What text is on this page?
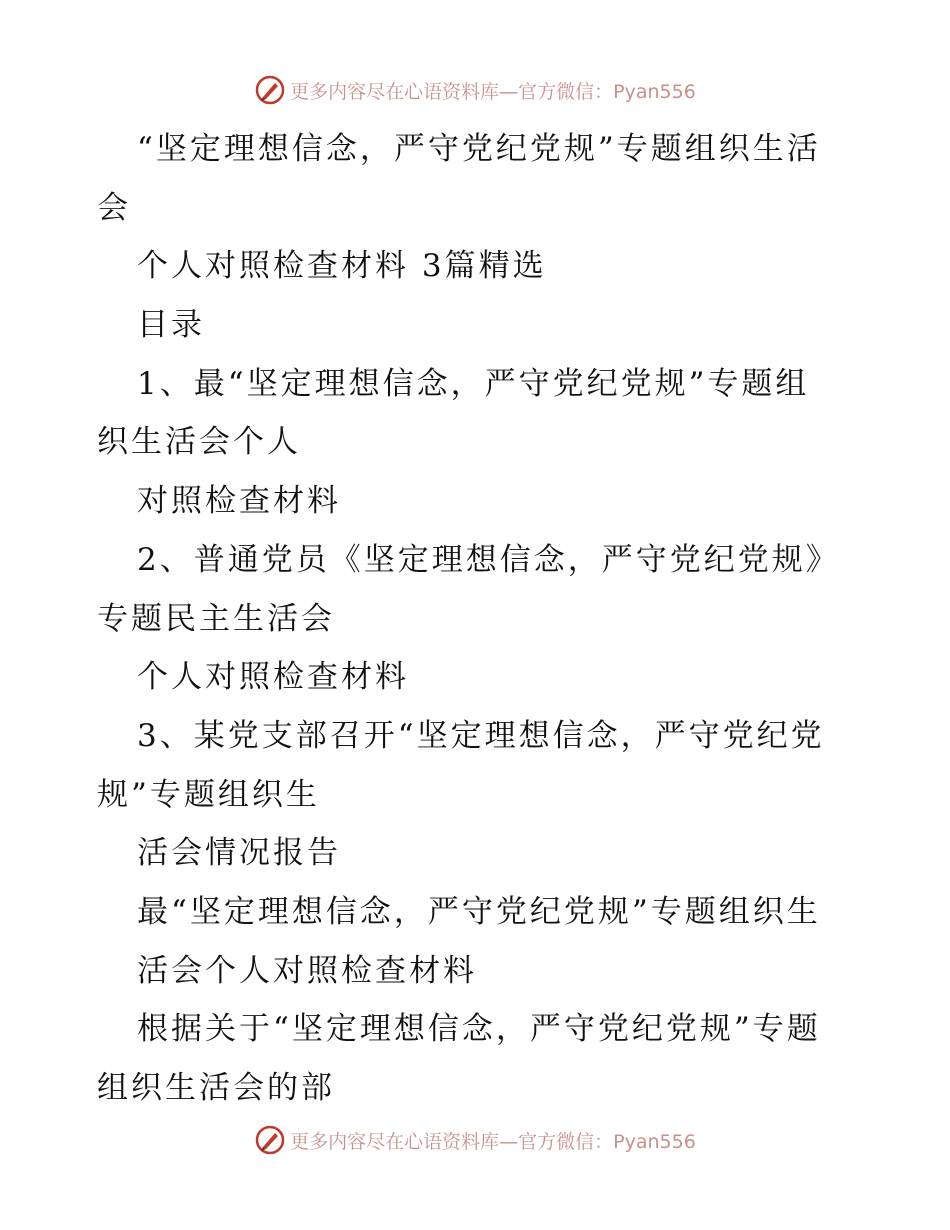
更多内容尽在心语资料库—官方微信：Pyan556
“坚定理想信念，严守党纪党规”专题组织生活
会
个人对照检查材料 3篇精选
目录
1、最“坚定理想信念，严守党纪党规”专题组
织生活会个人
对照检查材料
2、普通党员《坚定理想信念，严守党纪党规》
专题民主生活会
个人对照检查材料
3、某党支部召开“坚定理想信念，严守党纪党
规”专题组织生
活会情况报告
最“坚定理想信念，严守党纪党规”专题组织生
活会个人对照检查材料
根据关于“坚定理想信念，严守党纪党规”专题
组织生活会的部
更多内容尽在心语资料库—官方微信：Pyan556
